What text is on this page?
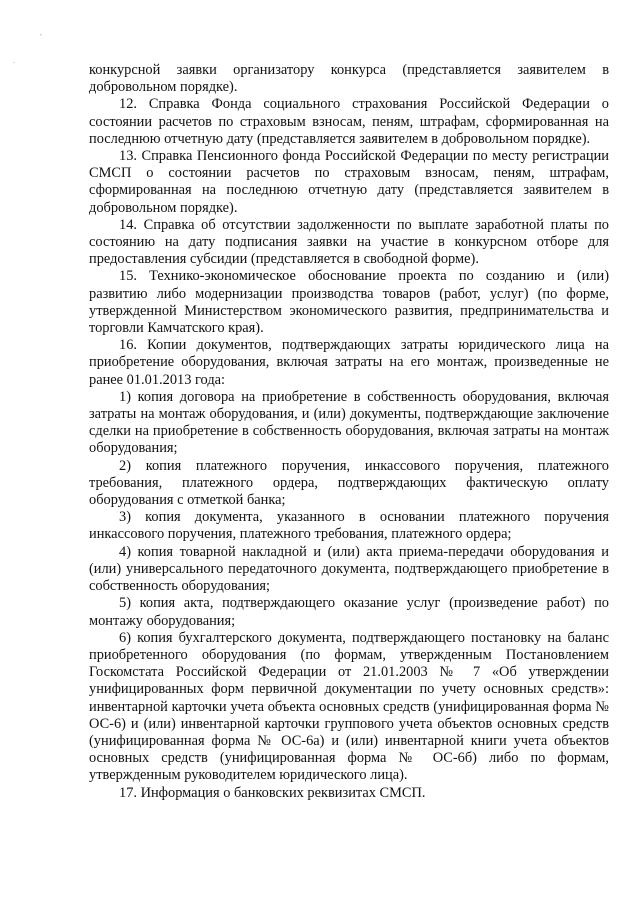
,
.

конкурсной заявки организатору конкурса (представляется заявителем в добровольном порядке).

12. Справка Фонда социального страхования Российской Федерации о состоянии расчетов по страховым взносам, пеням, штрафам, сформированная на последнюю отчетную дату (представляется заявителем в добровольном порядке).

13. Справка Пенсионного фонда Российской Федерации по месту регистрации СМСП о состоянии расчетов по страховым взносам, пеням, штрафам, сформированная на последнюю отчетную дату (представляется заявителем в добровольном порядке).

14. Справка об отсутствии задолженности по выплате заработной платы по состоянию на дату подписания заявки на участие в конкурсном отборе для предоставления субсидии (представляется в свободной форме).

15. Технико-экономическое обоснование проекта по созданию и (или) развитию либо модернизации производства товаров (работ, услуг) (по форме, утвержденной Министерством экономического развития, предпринимательства и торговли Камчатского края).

16. Копии документов, подтверждающих затраты юридического лица на приобретение оборудования, включая затраты на его монтаж, произведенные не ранее 01.01.2013 года:

1) копия договора на приобретение в собственность оборудования, включая затраты на монтаж оборудования, и (или) документы, подтверждающие заключение сделки на приобретение в собственность оборудования, включая затраты на монтаж оборудования;

2) копия платежного поручения, инкассового поручения, платежного требования, платежного ордера, подтверждающих фактическую оплату оборудования с отметкой банка;

3) копия документа, указанного в основании платежного поручения инкассового поручения, платежного требования, платежного ордера;

4) копия товарной накладной и (или) акта приема-передачи оборудования и (или) универсального передаточного документа, подтверждающего приобретение в собственность оборудования;

5) копия акта, подтверждающего оказание услуг (произведение работ) по монтажу оборудования;

6) копия бухгалтерского документа, подтверждающего постановку на баланс приобретенного оборудования (по формам, утвержденным Постановлением Госкомстата Российской Федерации от 21.01.2003 № 7 «Об утверждении унифицированных форм первичной документации по учету основных средств»: инвентарной карточки учета объекта основных средств (унифицированная форма № ОС-6) и (или) инвентарной карточки группового учета объектов основных средств (унифицированная форма № ОС-6а) и (или) инвентарной книги учета объектов основных средств (унифицированная форма № ОС-6б) либо по формам, утвержденным руководителем юридического лица).

17. Информация о банковских реквизитах СМСП.
